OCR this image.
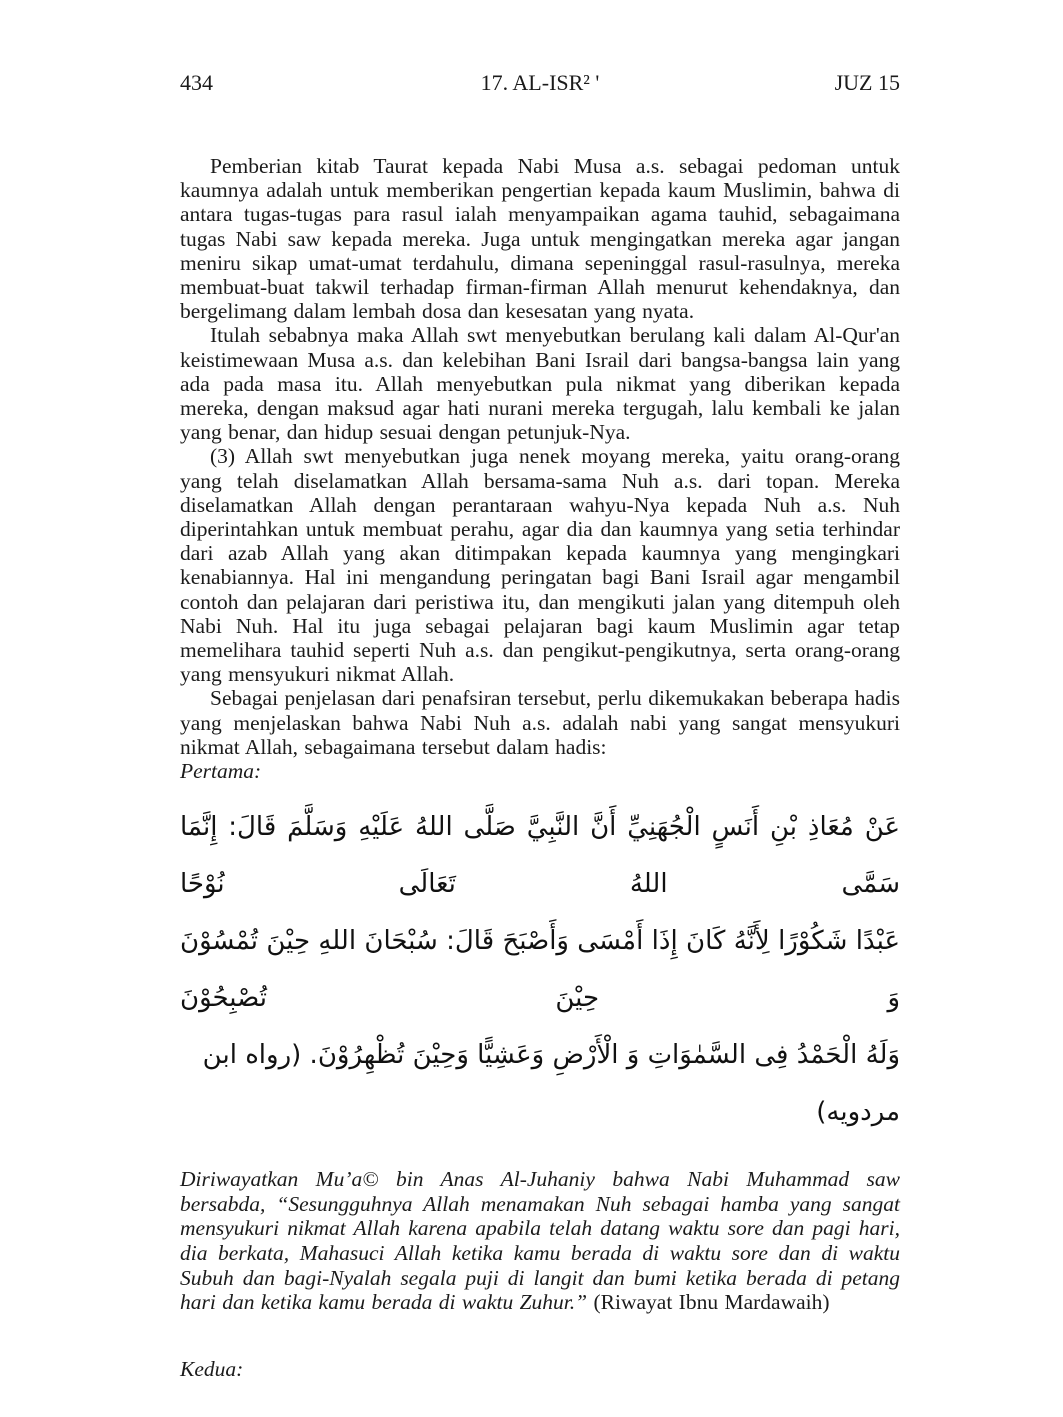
434	17. AL-ISR² '	JUZ 15

Pemberian kitab Taurat kepada Nabi Musa a.s. sebagai pedoman untuk kaumnya adalah untuk memberikan pengertian kepada kaum Muslimin, bahwa di antara tugas-tugas para rasul ialah menyampaikan agama tauhid, sebagaimana tugas Nabi saw kepada mereka. Juga untuk mengingatkan mereka agar jangan meniru sikap umat-umat terdahulu, dimana sepeninggal rasul-rasulnya, mereka membuat-buat takwil terhadap firman-firman Allah menurut kehendaknya, dan bergelimang dalam lembah dosa dan kesesatan yang nyata.

Itulah sebabnya maka Allah swt menyebutkan berulang kali dalam Al-Qur'an keistimewaan Musa a.s. dan kelebihan Bani Israil dari bangsa-bangsa lain yang ada pada masa itu. Allah menyebutkan pula nikmat yang diberikan kepada mereka, dengan maksud agar hati nurani mereka tergugah, lalu kembali ke jalan yang benar, dan hidup sesuai dengan petunjuk-Nya.

(3) Allah swt menyebutkan juga nenek moyang mereka, yaitu orang-orang yang telah diselamatkan Allah bersama-sama Nuh a.s. dari topan. Mereka diselamatkan Allah dengan perantaraan wahyu-Nya kepada Nuh a.s. Nuh diperintahkan untuk membuat perahu, agar dia dan kaumnya yang setia terhindar dari azab Allah yang akan ditimpakan kepada kaumnya yang mengingkari kenabiannya. Hal ini mengandung peringatan bagi Bani Israil agar mengambil contoh dan pelajaran dari peristiwa itu, dan mengikuti jalan yang ditempuh oleh Nabi Nuh. Hal itu juga sebagai pelajaran bagi kaum Muslimin agar tetap memelihara tauhid seperti Nuh a.s. dan pengikut-pengikutnya, serta orang-orang yang mensyukuri nikmat Allah.

Sebagai penjelasan dari penafsiran tersebut, perlu dikemukakan beberapa hadis yang menjelaskan bahwa Nabi Nuh a.s. adalah nabi yang sangat mensyukuri nikmat Allah, sebagaimana tersebut dalam hadis:

Pertama:

عَنْ مُعَاذِ بْنِ أَنَسٍ الْجُهَنِيِّ أَنَّ النَّبِيَّ صَلَّى اللهُ عَلَيْهِ وَسَلَّمَ قَالَ: إِنَّمَا سَمَّى اللهُ تَعَالَى نُوْحًا
عَبْدًا شَكُوْرًا لِأَنَّهُ كَانَ إِذَا أَمْسَى وَأَصْبَحَ قَالَ: سُبْحَانَ اللهِ حِيْنَ تُمْسُوْنَ وَ حِيْنَ تُصْبِحُوْنَ
وَلَهُ الْحَمْدُ فِى السَّمٰوَاتِ وَ الْأَرْضِ وَعَشِيًّا وَحِيْنَ تُظْهِرُوْنَ. (رواه ابن مردويه)

Diriwayatkan Mu’a© bin Anas Al-Juhaniy bahwa Nabi Muhammad saw bersabda, “Sesungguhnya Allah menamakan Nuh sebagai hamba yang sangat mensyukuri nikmat Allah karena apabila telah datang waktu sore dan pagi hari, dia berkata, Mahasuci Allah ketika kamu berada di waktu sore dan di waktu Subuh dan bagi-Nyalah segala puji di langit dan bumi ketika berada di petang hari dan ketika kamu berada di waktu Zuhur.” (Riwayat Ibnu Mardawaih)

Kedua:
